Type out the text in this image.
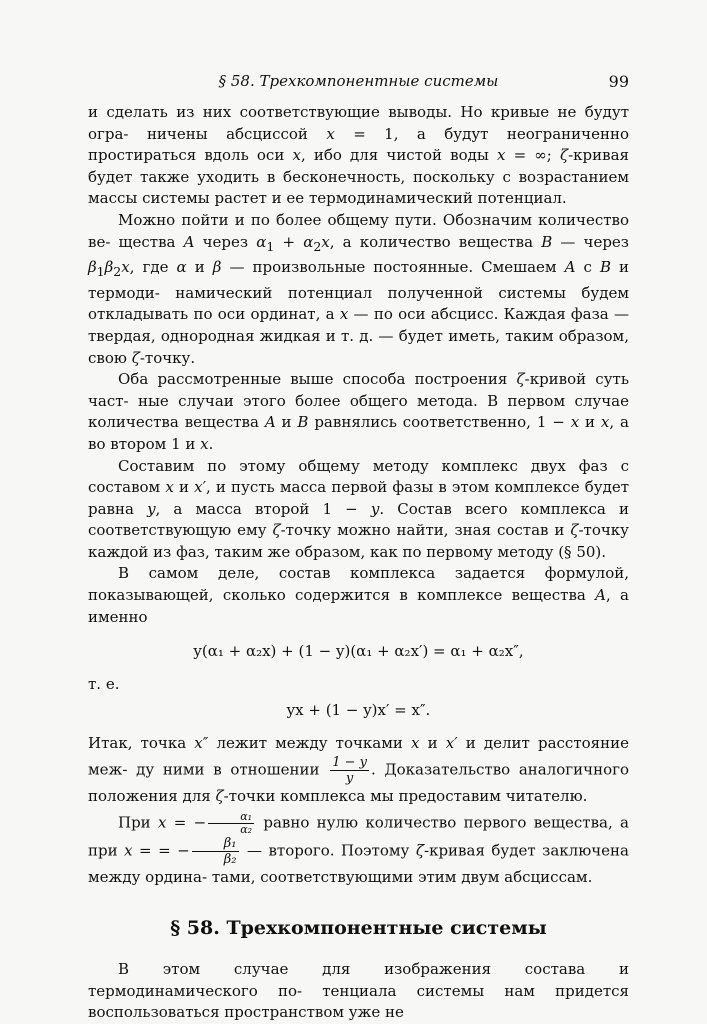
§ 58. Трехкомпонентные системы	99

и сделать из них соответствующие выводы. Но кривые не будут огра- ничены абсциссой x = 1, а будут неограниченно простираться вдоль оси x, ибо для чистой воды x = ∞; ζ-кривая будет также уходить в бесконечность, поскольку с возрастанием массы системы растет и ее термодинамический потенциал.

Можно пойти и по более общему пути. Обозначим количество ве- щества A через $\alpha_1 + \alpha_2x$, а количество вещества B — через $\beta_1\beta_2x$, где α и β — произвольные постоянные. Смешаем A с B и термоди- намический потенциал полученной системы будем откладывать по оси ординат, а x — по оси абсцисс. Каждая фаза — твердая, однородная жидкая и т. д. — будет иметь, таким образом, свою ζ-точку.

Оба рассмотренные выше способа построения ζ-кривой суть част- ные случаи этого более общего метода. В первом случае количества вещества A и B равнялись соответственно, 1 − x и x, а во втором 1 и x.

Составим по этому общему методу комплекс двух фаз с составом x и x′, и пусть масса первой фазы в этом комплексе будет равна y, а масса второй 1 − y. Состав всего комплекса и соответствующую ему ζ-точку можно найти, зная состав и ζ-точку каждой из фаз, таким же образом, как по первому методу (§ 50).

В самом деле, состав комплекса задается формулой, показывающей, сколько содержится в комплексе вещества A, а именно

y(α₁ + α₂x) + (1 − y)(α₁ + α₂x′) = α₁ + α₂x″,
т. е.
yx + (1 − y)x′ = x″.

Итак, точка x″ лежит между точками x и x′ и делит расстояние меж- ду ними в отношении $\frac{1 - y}{y}$ . Доказательство аналогичного положения для ζ-точки комплекса мы предоставим читателю.

При x = − $\frac{\text{α₁}}{\text{α₂}}$ равно нулю количество первого вещества, а при x = = − $\frac{\text{β₁}}{\text{β₂}}$ — второго. Поэтому ζ-кривая будет заключена между ордина- тами, соответствующими этим двум абсциссам.

§ 58. Трехкомпонентные системы

В этом случае для изображения состава и термодинамического по- тенциала системы нам придется воспользоваться пространством уже не
